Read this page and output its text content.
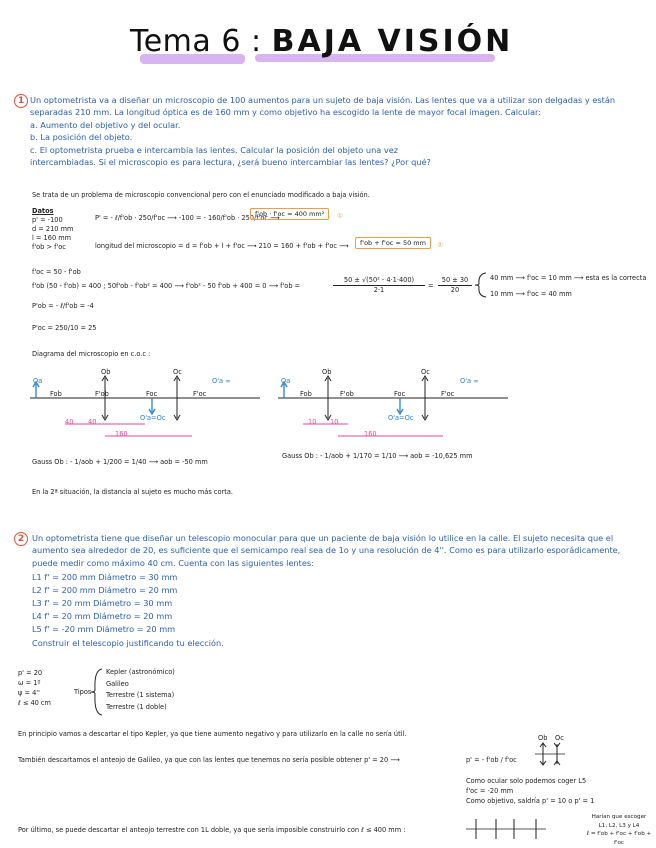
Tema 6 : BAJA VISIÓN
1 Un optometrista va a diseñar un microscopio de 100 aumentos para un sujeto de baja visión. Las lentes que va a utilizar son delgadas y están
separadas 210 mm. La longitud óptica es de 160 mm y como objetivo ha escogido la lente de mayor focal imagen. Calcular:
a. Aumento del objetivo y del ocular.
b. La posición del objeto.
c. El optometrista prueba e intercambia las lentes. Calcular la posición del objeto una vez
intercambiadas. Si el microscopio es para lectura, ¿será bueno intercambiar las lentes? ¿Por qué?
Se trata de un problema de microscopio convencional pero con el enunciado modificado a baja visión.
Datos
p' = -100
d = 210 mm
l = 160 mm
f'ob > f'oc
P' = - ℓ/f'ob · 250/f'oc ⟶ -100 = - 160/f'ob · 250/f'oc ⟶
f'ob · f'oc = 400 mm²	①
longitud del microscopio = d = f'ob + l + f'oc ⟶ 210 = 160 + f'ob + f'oc ⟶	f'ob + f'oc = 50 mm	②
f'oc = 50 - f'ob
f'ob (50 - f'ob) = 400 ; 50f'ob - f'ob² = 400 ⟶ f'ob² - 50 f'ob + 400 = 0 ⟶ f'ob =	$\frac{\text{50 ± √(50² - 4·1·400)}}{2\cdot 1} = \frac{50 \pm 30}{20}$	40 mm ⟶ f'oc = 10 mm ⟶ esta es la correcta
10 mm ⟶ f'oc = 40 mm
P'ob = - ℓ/f'ob = -4
P'oc = 250/10 = 25
Diagrama del microscopio en c.o.c :
Oa	O'a ∞
Fob	F'ob	Foc	F'oc
Ob	Oc
O'a=Oc
40 40
160
Oa	O'a ∞
Fob	F'ob	Foc	F'oc
Ob	Oc
O'a=Oc
10 10
160
Gauss Ob : - 1/aob + 1/200 = 1/40 ⟶ aob = -50 mm
Gauss Ob : - 1/aob + 1/170 = 1/10 ⟶ aob = -10,625 mm
En la 2ª situación, la distancia al sujeto es mucho más corta.
2 Un optometrista tiene que diseñar un telescopio monocular para que un paciente de baja visión lo utilice en la calle. El sujeto necesita que el
aumento sea alrededor de 20, es suficiente que el semicampo real sea de 1o y una resolución de 4''. Como es para utilizarlo esporádicamente,
puede medir como máximo 40 cm. Cuenta con las siguientes lentes:
L1 f' = 200 mm Diámetro = 30 mm
L2 f' = 200 mm Diámetro = 20 mm
L3 f' = 20 mm Diámetro = 30 mm
L4 f' = 20 mm Diámetro = 20 mm
L5 f' = -20 mm Diámetro = 20 mm
Construir el telescopio justificando tu elección.
p' = 20
ω = 1º
ψ = 4''
ℓ ≤ 40 cm
Tipos
Kepler (astronómico)
Galileo
Terrestre (1 sistema)
Terrestre (1 doble)
En principio vamos a descartar el tipo Kepler, ya que tiene aumento negativo y para utilizarlo en la calle no sería útil.
También descartamos el anteojo de Galileo, ya que con las lentes que tenemos no sería posible obtener p' = 20 ⟶	p' = - f'ob / f'oc
Ob Oc
Como ocular solo podemos coger L5
f'oc = -20 mm
Como objetivo, saldría p' = 10 o p' = 1
Por último, se puede descartar el anteojo terrestre con 1L doble, ya que sería imposible construirlo con ℓ ≤ 400 mm :
Harían que escoger
L1, L2, L3 y L4
ℓ = f'ob + f'oc + f'ob + f'oc
